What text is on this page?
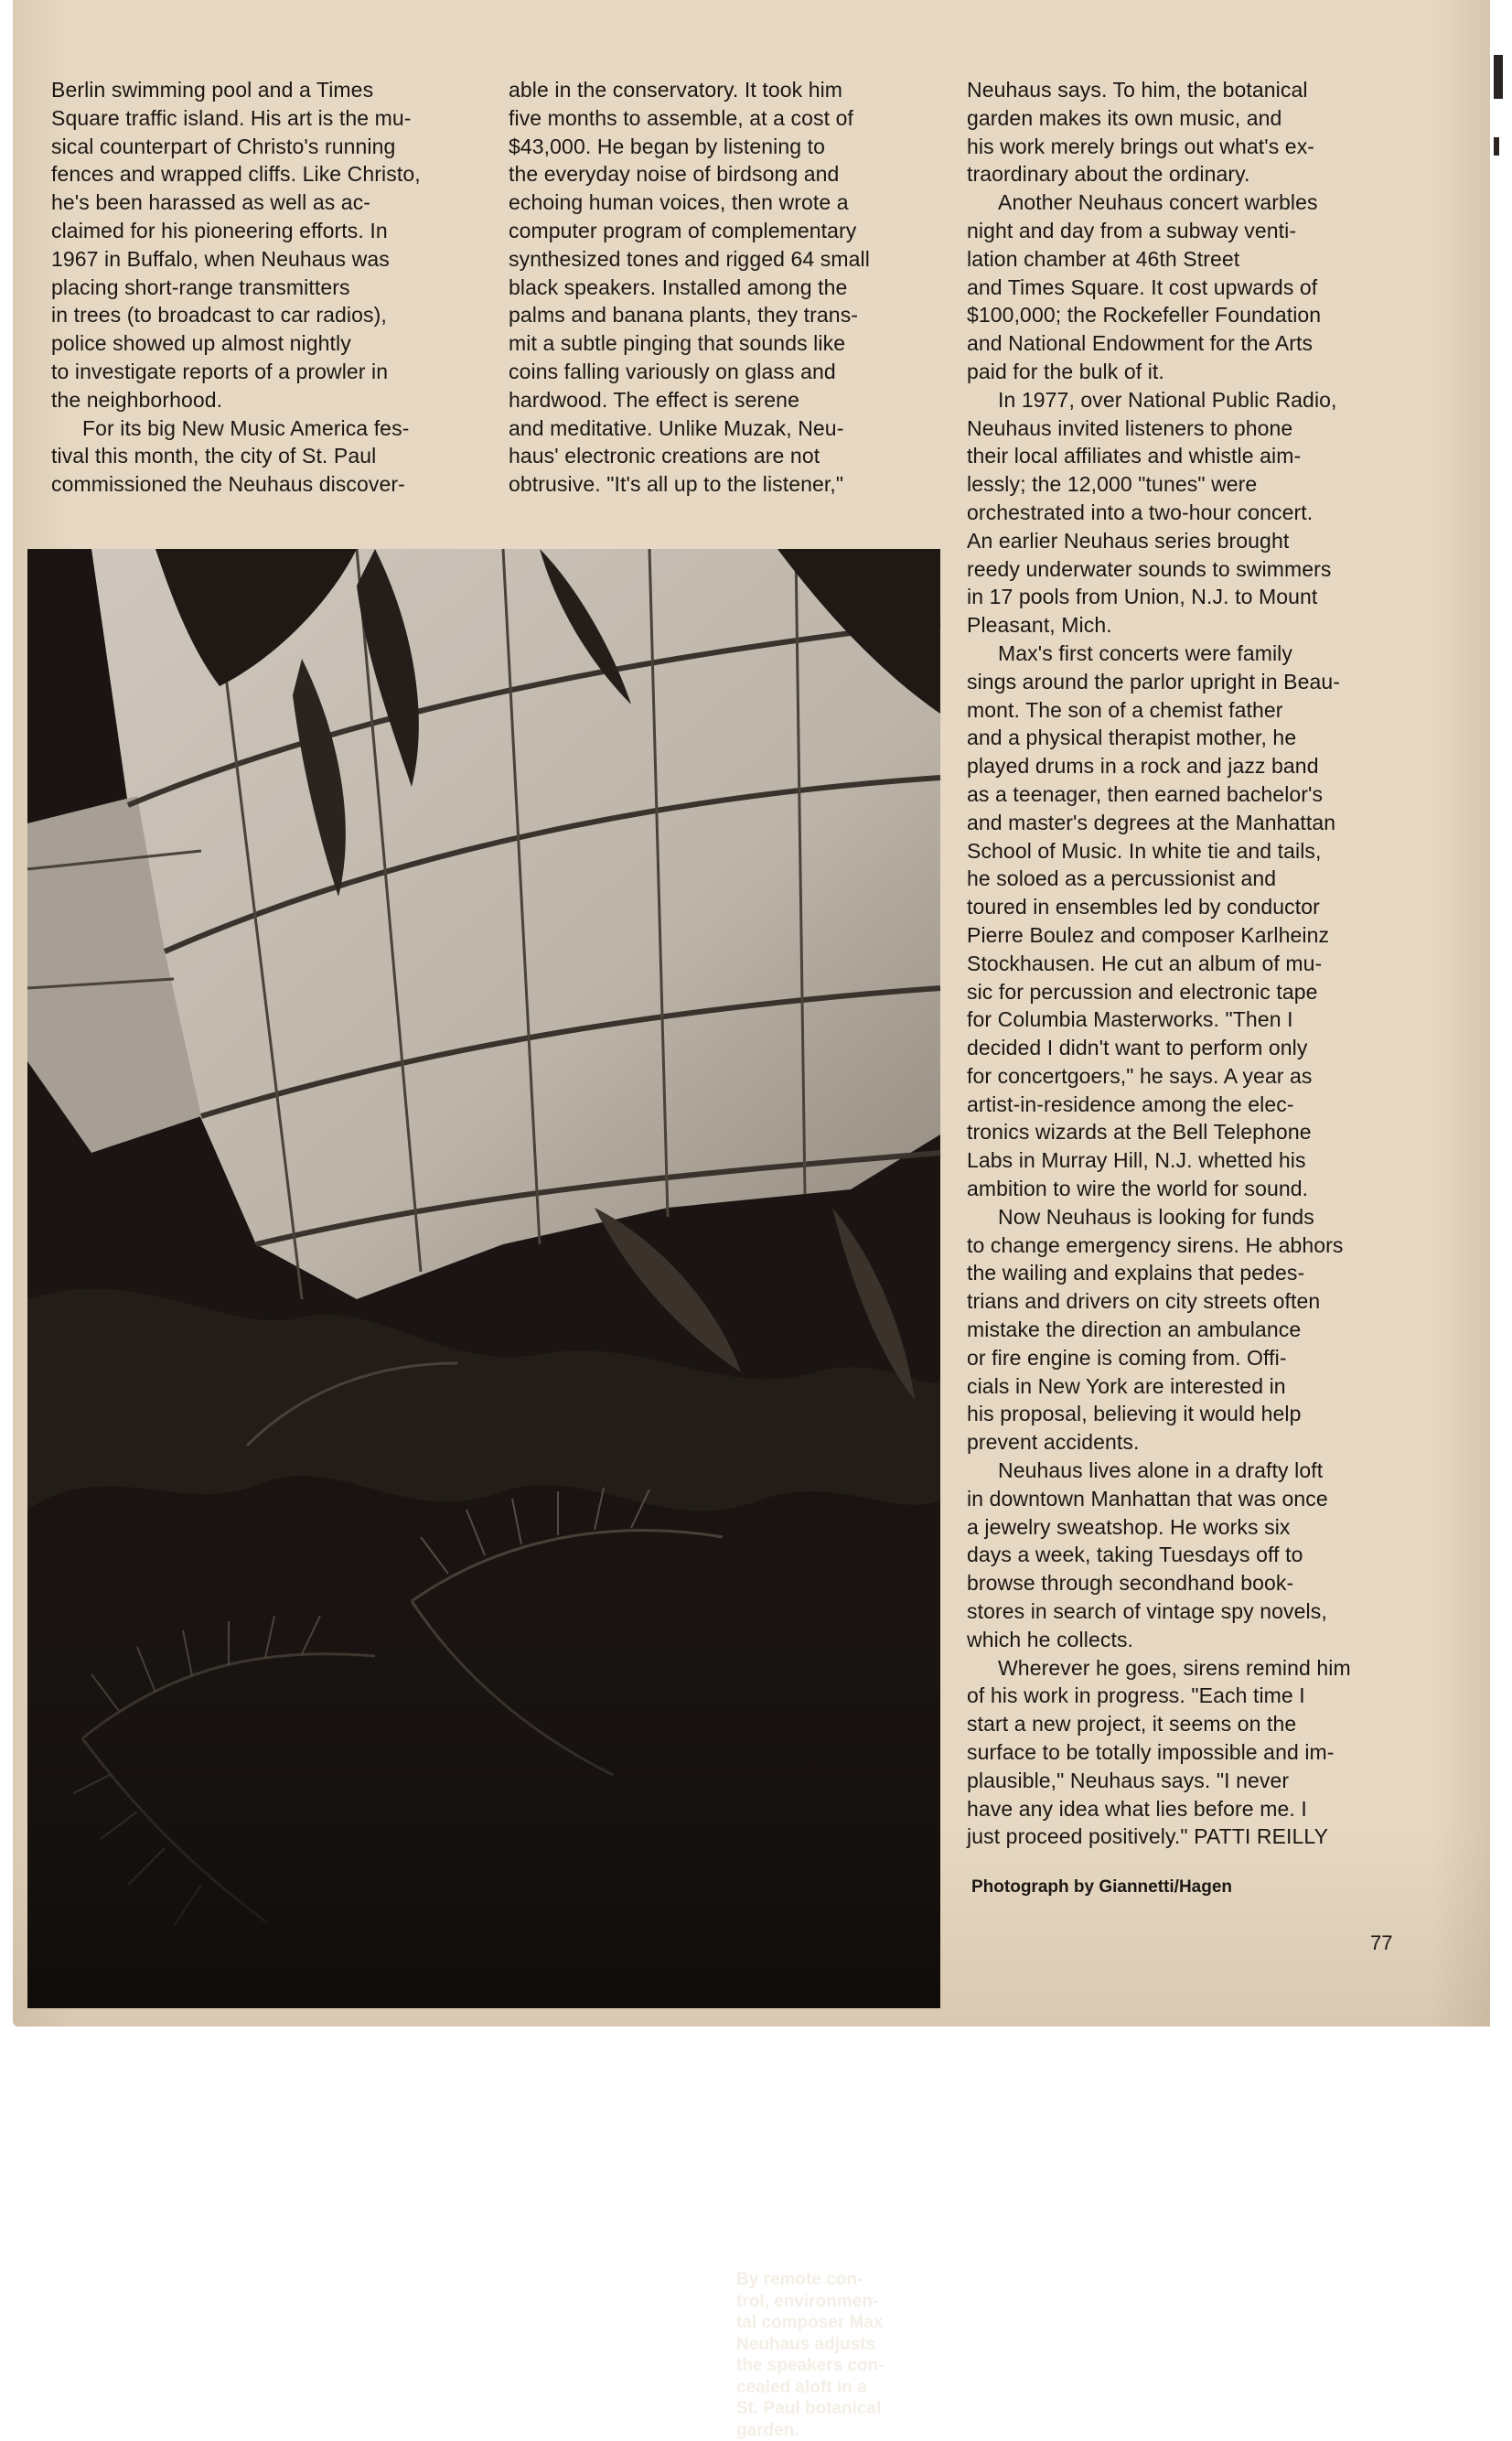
Berlin swimming pool and a Times

Square traffic island. His art is the mu-

sical counterpart of Christo's running

fences and wrapped cliffs. Like Christo,

he's been harassed as well as ac-

claimed for his pioneering efforts. In

1967 in Buffalo, when Neuhaus was

placing short-range transmitters

in trees (to broadcast to car radios),

police showed up almost nightly

to investigate reports of a prowler in

the neighborhood.

For its big New Music America fes-

tival this month, the city of St. Paul

commissioned the Neuhaus discover-

able in the conservatory. It took him

five months to assemble, at a cost of

$43,000. He began by listening to

the everyday noise of birdsong and

echoing human voices, then wrote a

computer program of complementary

synthesized tones and rigged 64 small

black speakers. Installed among the

palms and banana plants, they trans-

mit a subtle pinging that sounds like

coins falling variously on glass and

hardwood. The effect is serene

and meditative. Unlike Muzak, Neu-

haus' electronic creations are not

obtrusive. "It's all up to the listener,"

Neuhaus says. To him, the botanical

garden makes its own music, and

his work merely brings out what's ex-

traordinary about the ordinary.

Another Neuhaus concert warbles

night and day from a subway venti-

lation chamber at 46th Street

and Times Square. It cost upwards of

$100,000; the Rockefeller Foundation

and National Endowment for the Arts

paid for the bulk of it.

In 1977, over National Public Radio,

Neuhaus invited listeners to phone

their local affiliates and whistle aim-

lessly; the 12,000 "tunes" were

orchestrated into a two-hour concert.

An earlier Neuhaus series brought

reedy underwater sounds to swimmers

in 17 pools from Union, N.J. to Mount

Pleasant, Mich.

Max's first concerts were family

sings around the parlor upright in Beau-

mont. The son of a chemist father

and a physical therapist mother, he

played drums in a rock and jazz band

as a teenager, then earned bachelor's

and master's degrees at the Manhattan

School of Music. In white tie and tails,

he soloed as a percussionist and

toured in ensembles led by conductor

Pierre Boulez and composer Karlheinz

Stockhausen. He cut an album of mu-

sic for percussion and electronic tape

for Columbia Masterworks. "Then I

decided I didn't want to perform only

for concertgoers," he says. A year as

artist-in-residence among the elec-

tronics wizards at the Bell Telephone

Labs in Murray Hill, N.J. whetted his

ambition to wire the world for sound.

Now Neuhaus is looking for funds

to change emergency sirens. He abhors

the wailing and explains that pedes-

trians and drivers on city streets often

mistake the direction an ambulance

or fire engine is coming from. Offi-

cials in New York are interested in

his proposal, believing it would help

prevent accidents.

Neuhaus lives alone in a drafty loft

in downtown Manhattan that was once

a jewelry sweatshop. He works six

days a week, taking Tuesdays off to

browse through secondhand book-

stores in search of vintage spy novels,

which he collects.

Wherever he goes, sirens remind him

of his work in progress. "Each time I

start a new project, it seems on the

surface to be totally impossible and im-

plausible," Neuhaus says. "I never

have any idea what lies before me. I

just proceed positively." PATTI REILLY

By remote con-
trol, environmen-
tal composer Max
Neuhaus adjusts
the speakers con-
cealed aloft in a
St. Paul botanical
garden.
Photograph by Giannetti/Hagen
77
